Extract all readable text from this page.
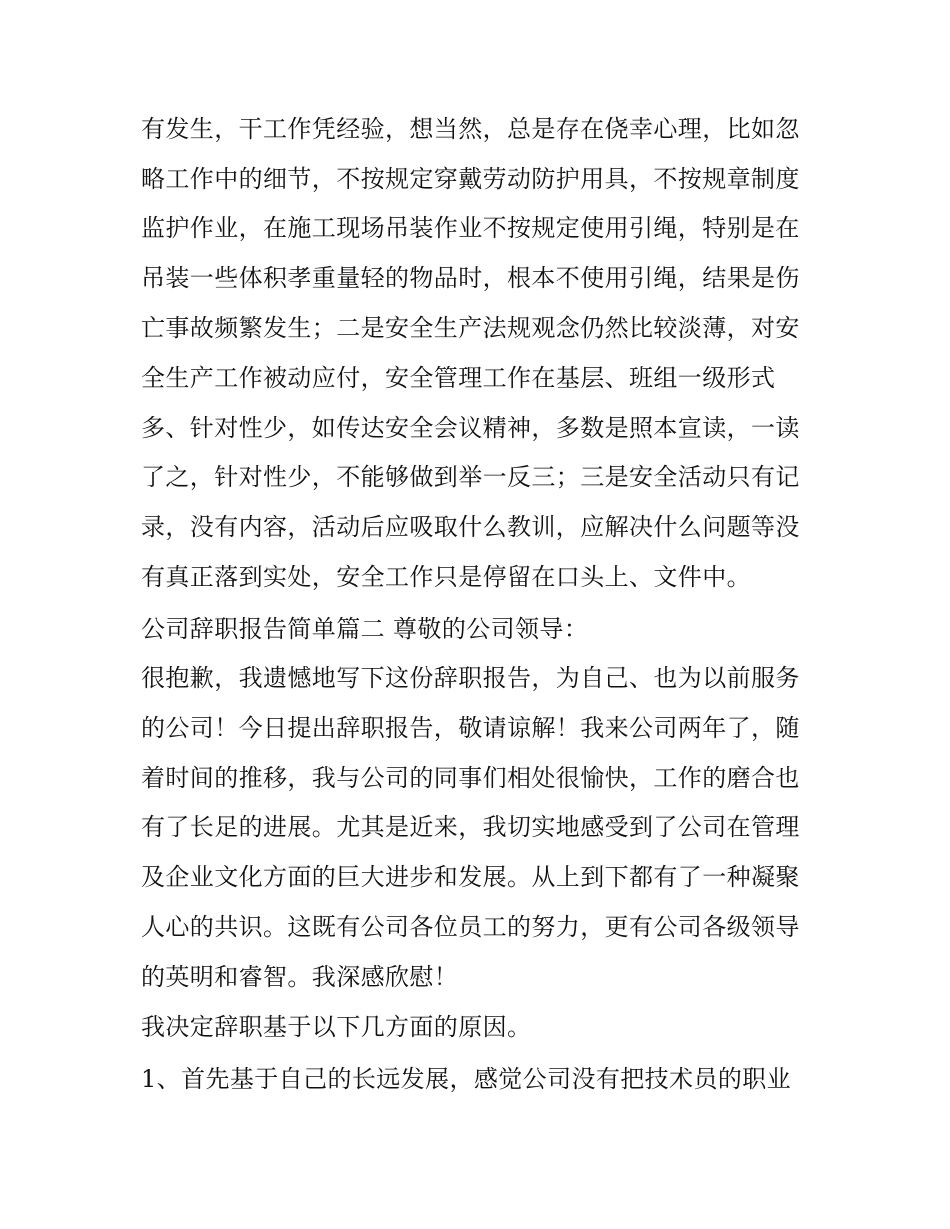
有发生，干工作凭经验，想当然，总是存在侥幸心理，比如忽
略工作中的细节，不按规定穿戴劳动防护用具，不按规章制度
监护作业，在施工现场吊装作业不按规定使用引绳，特别是在
吊装一些体积孝重量轻的物品时，根本不使用引绳，结果是伤
亡事故频繁发生；二是安全生产法规观念仍然比较淡薄，对安
全生产工作被动应付，安全管理工作在基层、班组一级形式
多、针对性少，如传达安全会议精神，多数是照本宣读，一读
了之，针对性少，不能够做到举一反三；三是安全活动只有记
录，没有内容，活动后应吸取什么教训，应解决什么问题等没
有真正落到实处，安全工作只是停留在口头上、文件中。
公司辞职报告简单篇二 尊敬的公司领导：
很抱歉，我遗憾地写下这份辞职报告，为自己、也为以前服务
的公司！今日提出辞职报告，敬请谅解！我来公司两年了，随
着时间的推移，我与公司的同事们相处很愉快，工作的磨合也
有了长足的进展。尤其是近来，我切实地感受到了公司在管理
及企业文化方面的巨大进步和发展。从上到下都有了一种凝聚
人心的共识。这既有公司各位员工的努力，更有公司各级领导
的英明和睿智。我深感欣慰！
我决定辞职基于以下几方面的原因。
1、首先基于自己的长远发展，感觉公司没有把技术员的职业
